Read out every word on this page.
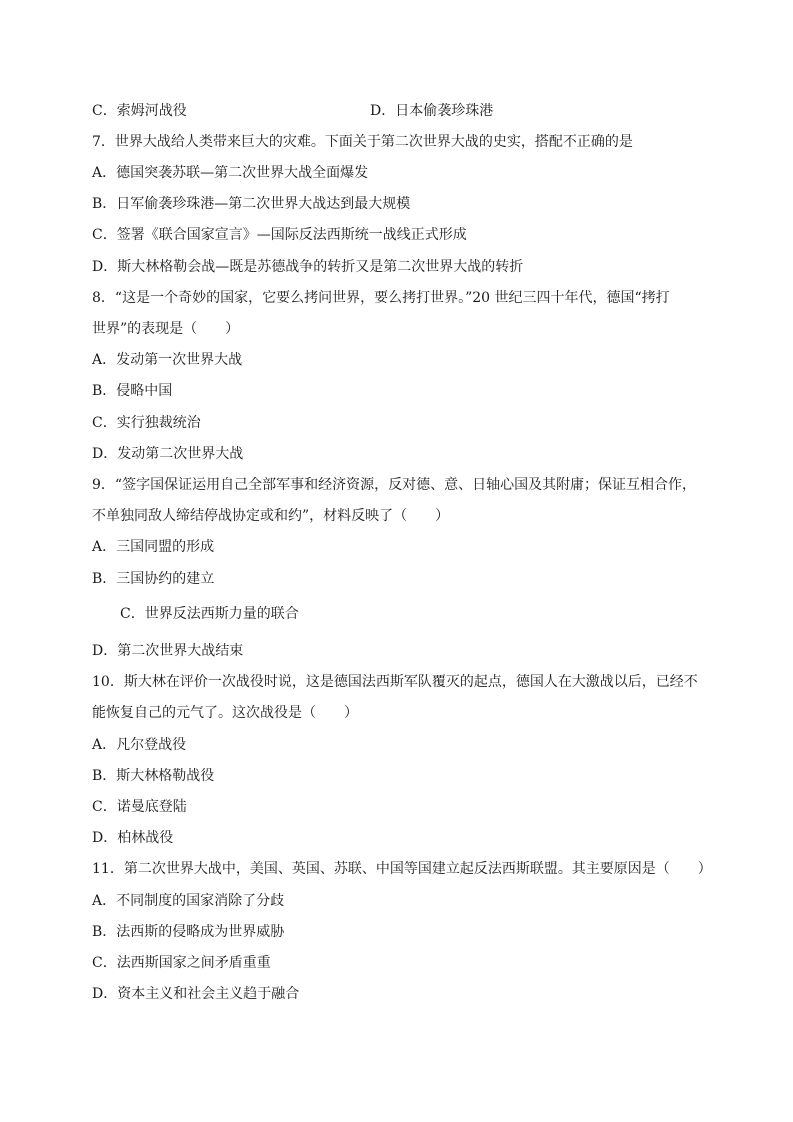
C．索姆河战役	D．日本偷袭珍珠港
7．世界大战给人类带来巨大的灾难。下面关于第二次世界大战的史实，搭配不正确的是
A．德国突袭苏联—第二次世界大战全面爆发
B．日军偷袭珍珠港—第二次世界大战达到最大规模
C．签署《联合国家宣言》—国际反法西斯统一战线正式形成
D．斯大林格勒会战—既是苏德战争的转折又是第二次世界大战的转折
8．“这是一个奇妙的国家，它要么拷问世界，要么拷打世界。”20 世纪三四十年代，德国“拷打
世界”的表现是（　　）
A．发动第一次世界大战
B．侵略中国
C．实行独裁统治
D．发动第二次世界大战
9．“签字国保证运用自己全部军事和经济资源，反对德、意、日轴心国及其附庸；保证互相合作，
不单独同敌人缔结停战协定或和约”，材料反映了（　　）
A．三国同盟的形成
B．三国协约的建立
C．世界反法西斯力量的联合
D．第二次世界大战结束
10．斯大林在评价一次战役时说，这是德国法西斯军队覆灭的起点，德国人在大激战以后，已经不
能恢复自己的元气了。这次战役是（　　）
A．凡尔登战役
B．斯大林格勒战役
C．诺曼底登陆
D．柏林战役
11．第二次世界大战中，美国、英国、苏联、中国等国建立起反法西斯联盟。其主要原因是（　　）
A．不同制度的国家消除了分歧
B．法西斯的侵略成为世界威胁
C．法西斯国家之间矛盾重重
D．资本主义和社会主义趋于融合
